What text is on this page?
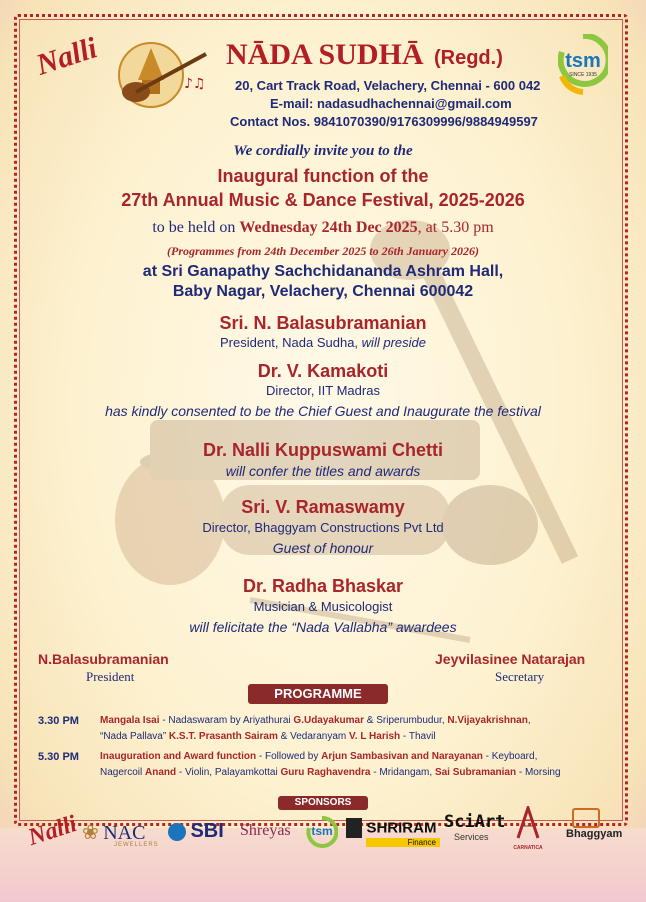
Nalli
♪♫
NĀDA SUDHĀ (Regd.)	tsm
SINCE 1935
20, Cart Track Road, Velachery, Chennai - 600 042
E-mail: nadasudhachennai@gmail.com
Contact Nos. 9841070390/9176309996/9884949597
We cordially invite you to the
Inaugural function of the
27th Annual Music & Dance Festival, 2025-2026
to be held on Wednesday 24th Dec 2025, at 5.30 pm
(Programmes from 24th December 2025 to 26th January 2026)
at Sri Ganapathy Sachchidananda Ashram Hall,
Baby Nagar, Velachery, Chennai 600042
Sri. N. Balasubramanian
President, Nada Sudha, will preside
Dr. V. Kamakoti
Director, IIT Madras
has kindly consented to be the Chief Guest and Inaugurate the festival
Dr. Nalli Kuppuswami Chetti
will confer the titles and awards
Sri. V. Ramaswamy
Director, Bhaggyam Constructions Pvt Ltd
Guest of honour
Dr. Radha Bhaskar
Musician & Musicologist
will felicitate the “Nada Vallabha” awardees
N.Balasubramanian
President
Jeyvilasinee Natarajan
Secretary
PROGRAMME
3.30 PM Mangala Isai - Nadaswaram by Ariyathurai G.Udayakumar & Sriperumbudur, N.Vijayakrishnan,
“Nada Pallava” K.S.T. Prasanth Sairam & Vedaranyam V. L Harish - Thavil
5.30 PM Inauguration and Award function - Followed by Arjun Sambasivan and Narayanan - Keyboard,
Nagercoil Anand - Violin, Palayamkottai Guru Raghavendra - Mridangam, Sai Subramanian - Morsing
SPONSORS
Nalli ❀ NAC
JEWELLERS
SBI Shreyas	tsm	SHRIRAM
Finance
SciArt
Services
CARNATICA
Bhaggyam
